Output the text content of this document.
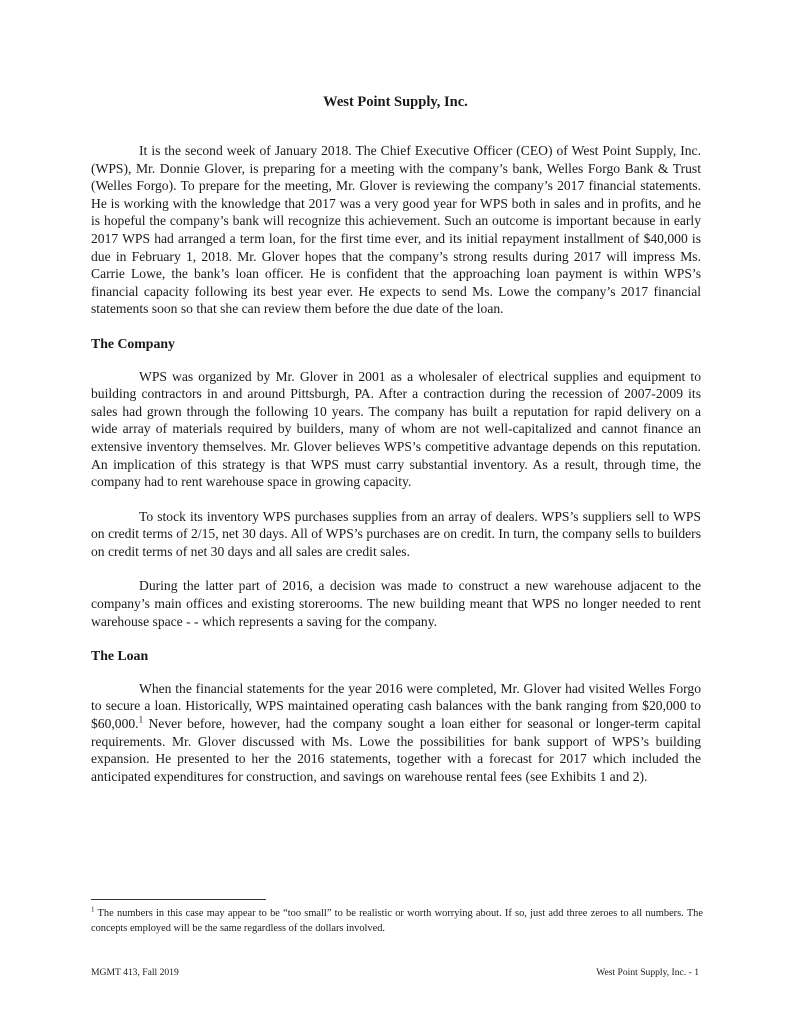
West Point Supply, Inc.

It is the second week of January 2018. The Chief Executive Officer (CEO) of West Point Supply, Inc. (WPS), Mr. Donnie Glover, is preparing for a meeting with the company’s bank, Welles Forgo Bank & Trust (Welles Forgo). To prepare for the meeting, Mr. Glover is reviewing the company’s 2017 financial statements. He is working with the knowledge that 2017 was a very good year for WPS both in sales and in profits, and he is hopeful the company’s bank will recognize this achievement. Such an outcome is important because in early 2017 WPS had arranged a term loan, for the first time ever, and its initial repayment installment of $40,000 is due in February 1, 2018. Mr. Glover hopes that the company’s strong results during 2017 will impress Ms. Carrie Lowe, the bank’s loan officer. He is confident that the approaching loan payment is within WPS’s financial capacity following its best year ever. He expects to send Ms. Lowe the company’s 2017 financial statements soon so that she can review them before the due date of the loan.

The Company

WPS was organized by Mr. Glover in 2001 as a wholesaler of electrical supplies and equipment to building contractors in and around Pittsburgh, PA. After a contraction during the recession of 2007-2009 its sales had grown through the following 10 years. The company has built a reputation for rapid delivery on a wide array of materials required by builders, many of whom are not well-capitalized and cannot finance an extensive inventory themselves. Mr. Glover believes WPS’s competitive advantage depends on this reputation. An implication of this strategy is that WPS must carry substantial inventory. As a result, through time, the company had to rent warehouse space in growing capacity.

To stock its inventory WPS purchases supplies from an array of dealers. WPS’s suppliers sell to WPS on credit terms of 2/15, net 30 days. All of WPS’s purchases are on credit. In turn, the company sells to builders on credit terms of net 30 days and all sales are credit sales.

During the latter part of 2016, a decision was made to construct a new warehouse adjacent to the company’s main offices and existing storerooms. The new building meant that WPS no longer needed to rent warehouse space - - which represents a saving for the company.

The Loan

When the financial statements for the year 2016 were completed, Mr. Glover had visited Welles Forgo to secure a loan. Historically, WPS maintained operating cash balances with the bank ranging from $20,000 to $60,000.$^1$ Never before, however, had the company sought a loan either for seasonal or longer-term capital requirements. Mr. Glover discussed with Ms. Lowe the possibilities for bank support of WPS’s building expansion. He presented to her the 2016 statements, together with a forecast for 2017 which included the anticipated expenditures for construction, and savings on warehouse rental fees (see Exhibits 1 and 2).

$^1$ The numbers in this case may appear to be “too small” to be realistic or worth worrying about. If so, just add three zeroes to all numbers. The concepts employed will be the same regardless of the dollars involved.
MGMT 413, Fall 2019	West Point Supply, Inc. - 1
